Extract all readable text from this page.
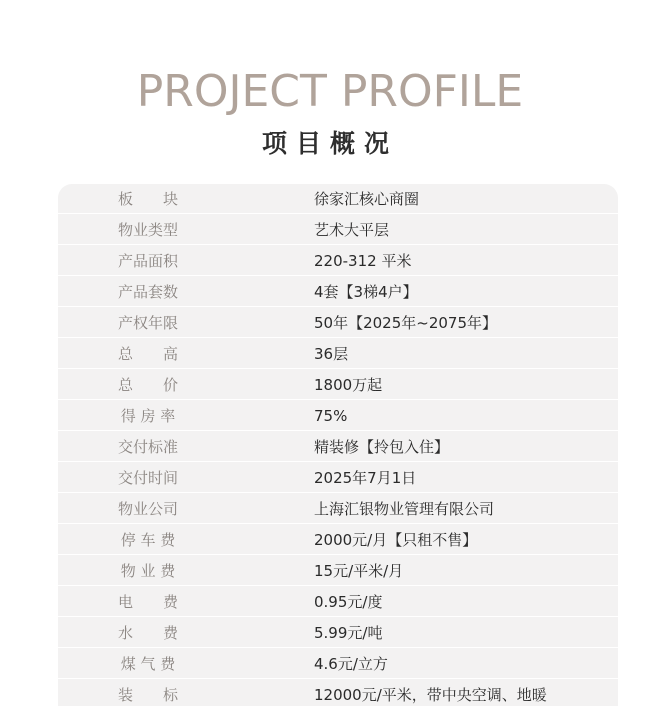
PROJECT PROFILE
项目概况
板　　块	徐家汇核心商圈
物业类型	艺术大平层
产品面积	220-312 平米
产品套数	4套【3梯4户】
产权年限	50年【2025年~2075年】
总　　高	36层
总　　价	1800万起
得 房 率	75%
交付标准	精装修【拎包入住】
交付时间	2025年7月1日
物业公司	上海汇银物业管理有限公司
停 车 费	2000元/月【只租不售】
物 业 费	15元/平米/月
电　　费	0.95元/度
水　　费	5.99元/吨
煤 气 费	4.6元/立方
装　　标	12000元/平米，带中央空调、地暖
